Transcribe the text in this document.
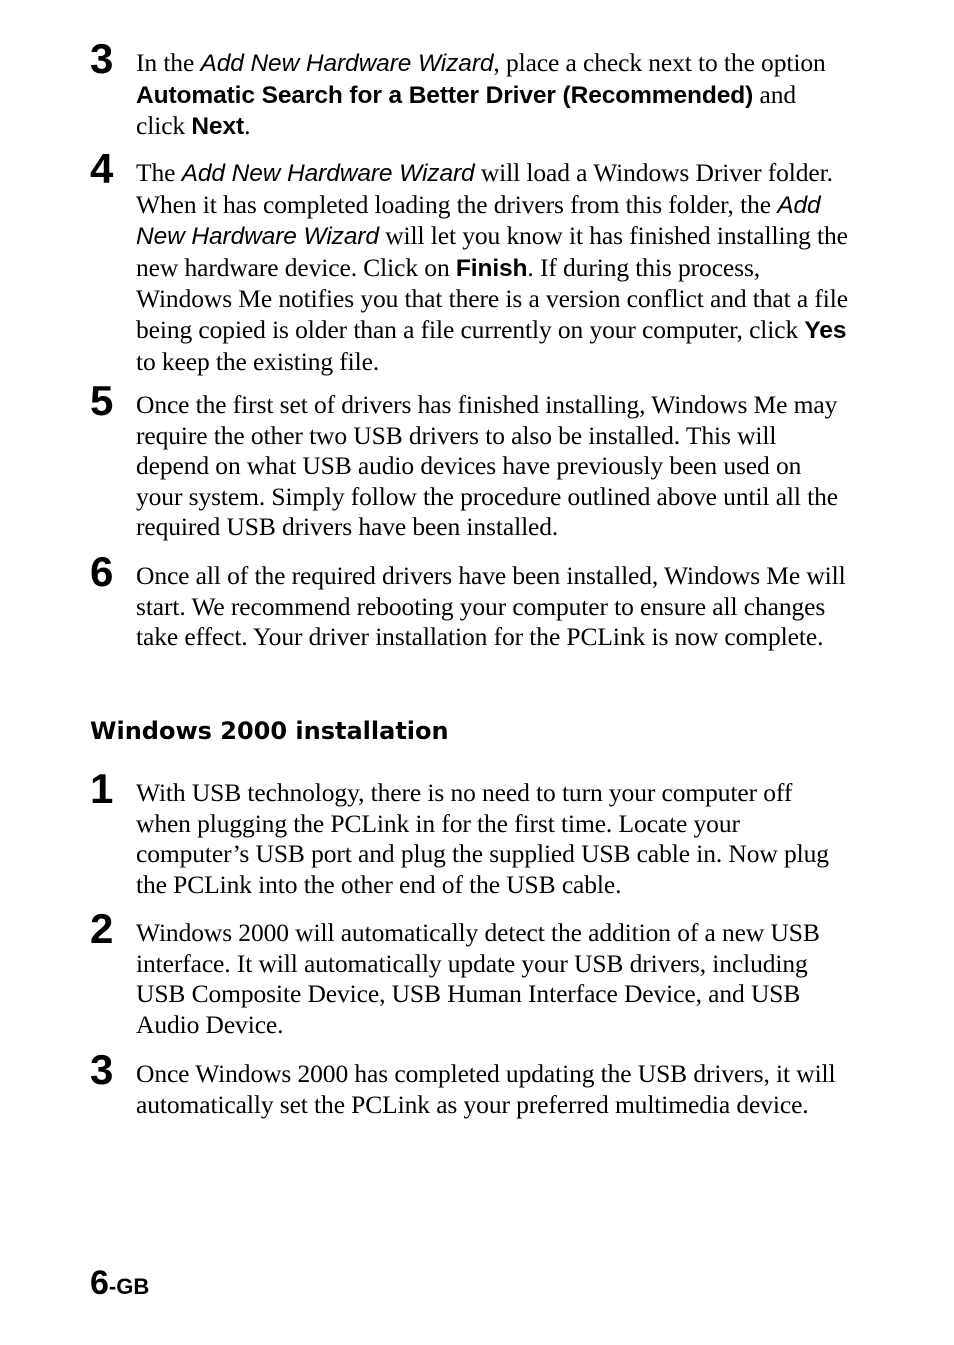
3 In the Add New Hardware Wizard, place a check next to the option Automatic Search for a Better Driver (Recommended) and click Next.
4 The Add New Hardware Wizard will load a Windows Driver folder. When it has completed loading the drivers from this folder, the Add New Hardware Wizard will let you know it has finished installing the new hardware device. Click on Finish. If during this process, Windows Me notifies you that there is a version conflict and that a file being copied is older than a file currently on your computer, click Yes to keep the existing file.
5 Once the first set of drivers has finished installing, Windows Me may require the other two USB drivers to also be installed. This will depend on what USB audio devices have previously been used on your system. Simply follow the procedure outlined above until all the required USB drivers have been installed.
6 Once all of the required drivers have been installed, Windows Me will start. We recommend rebooting your computer to ensure all changes take effect. Your driver installation for the PCLink is now complete.
Windows 2000 installation
1 With USB technology, there is no need to turn your computer off when plugging the PCLink in for the first time. Locate your computer’s USB port and plug the supplied USB cable in. Now plug the PCLink into the other end of the USB cable.
2 Windows 2000 will automatically detect the addition of a new USB interface. It will automatically update your USB drivers, including USB Composite Device, USB Human Interface Device, and USB Audio Device.
3 Once Windows 2000 has completed updating the USB drivers, it will automatically set the PCLink as your preferred multimedia device.
6-GB
